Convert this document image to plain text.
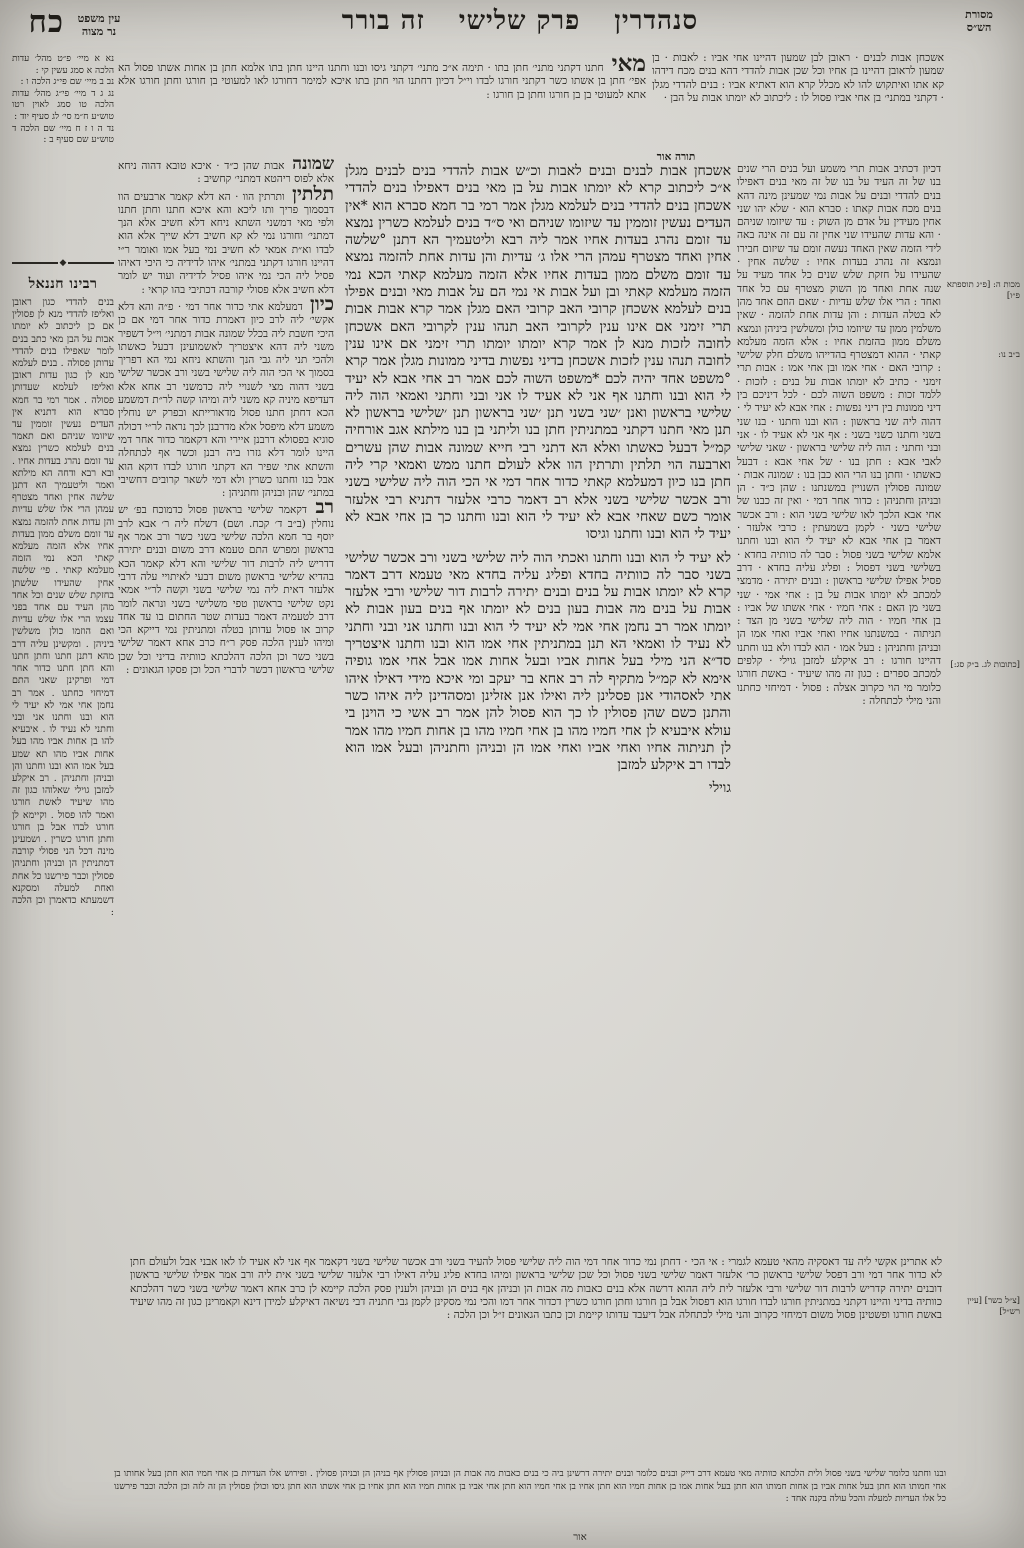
כח	עין משפט
נר מצוה	זה בורר פרק שלישי סנהדרין	מסורת
הש״ס
נא א מיי׳ פ״ט מהל׳ עדות הלכה א סמג עשין קי :
נב ב מיי׳ שם פי״ג הלכה ו :
נג ג ד מיי׳ פי״ג מהל׳ עדות הלכה טו סמג לאוין רטו טוש״ע ח״מ סי׳ לג סעיף יוד :
נד ה ו ז ח מיי׳ שם הלכה ד טוש״ע שם סעיף ב :
◆
רבינו חננאל
בנים להדדי כגון ראובן ואליפז להדדי מנא לן פסולין אם כן ליכתוב לא יומתו אבות על הבן מאי כתב בנים לומר שאפילו בנים להדדי עדותן פסולה . בנים לעלמא מנא לן כגון עדות ראובן ואליפז לעלמא שעדותן פסולה . אמר רמי בר חמא סברא הוא דתניא אין העדים נעשין זוממין עד שיזומו שניהם ואם תאמר בנים לעלמא כשרין נמצא עד זומם נהרג בעדות אחיו . ובא רבא ודחה הא מילתא ואמר וליטעמיך הא דתנן שלשה אחין ואחד מצטרף עמהן הרי אלו שלש עדיות והן עדות אחת להזמה נמצא עד זומם משלם ממון בעדות אחיו אלא הזמה מעלמא קאתי הכא נמי הזמה מעלמא קאתי . פי׳ שלשה אחין שהעידו שלשתן בחזקת שלש שנים וכל אחד מהן העיד עם אחד בפני עצמו הרי אלו שלש עדיות ואם הוזמו כולן משלשין ביניהן . ומקשינן עליה דרב מהא דתנן חתנו וחתן חתנו והא חתן חתנו כדור אחר דמי ופרקינן שאני התם דמיחזי כחתנו . אמר רב נחמן אחי אמי לא יעיד לי הוא ובנו וחתנו אני ובני וחתני לא נעיד לו . איבעיא להו בן אחות אביו מהו בעל אחות אביו מהו תא שמע בעל אמו הוא ובנו וחתנו והן ובניהן וחתניהן . רב איקלע למזבן גוילי שאלוהו כגון זה מהו שיעיד לאשת חורגו ואמר להו פסול . וקיימא לן חורגו לבדו אבל בן חורגו וחתן חורגו כשרין . ושמעינן מינה דכל הני פסולי קורבה דמתניתין הן ובניהן וחתניהן פסולין וכבר פירשנו כל אחת ואחת למעלה ומסקנא דשמעתא כדאמרן וכן הלכה :
מאי חתנו דקתני מתני׳ חתן בתו · תימה א״כ מתני׳ דקתני גיסו ובנו וחתנו היינו חתן בתו אלמא חתן בן אחות אשתו פסול הא אפי׳ חתן בן אשתו כשר דקתני חורגו לבדו וי״ל דכיון דחתנו הוי חתן בתו איכא למימר דחורגו לאו למעוטי בן חורגו וחתן חורגו אלא אתא למעוטי בן בן חורגו וחתן בן חורגו :
שמונה אבות שהן כ״ד · איכא טובא דהוה ניחא אלא לפוס ריהטא דמתני׳ קחשיב :
תלתין ותרתין הוו · הא דלא קאמר ארבעים הוו דבסמוך פריך ותו ליכא והא איכא חתנו וחתן חתנו ולפי מאי דמשני השתא ניחא דלא חשיב אלא הנך דמתני׳ וחורגו נמי לא קא חשיב דלא שייך אלא הוא לבדו וא״ת אמאי לא חשיב נמי בעל אמו ואומר ר״י דהיינו חורגו דקתני במתני׳ איהו לדידיה כי היכי דאיהו פסיל ליה הכי נמי איהו פסיל לדידיה ועוד יש לומר דלא חשיב אלא פסולי קורבה דכתיבי בהו קראי :
כיון דמעלמא אתי כדור אחר דמי · פ״ה והא דלא אקשי׳ ליה לרב כיון דאמרת כדור אחר דמי אם כן היכי חשבת ליה בכלל שמונה אבות דמתני׳ וי״ל דשפיר משני ליה דהא איצטריך לאשמועינן דבעל כאשתו ולהכי תני ליה גבי הנך והשתא ניחא נמי הא דפריך בסמוך אי הכי הוה ליה שלישי בשני ורב אכשר שלישי בשני דהוה מצי לשנויי ליה כדמשני רב אחא אלא דעדיפא מיניה קא משני ליה ומיהו קשה לר״ת דמשמע הכא דחתן חתנו פסול מדאורייתא ובפרק יש נוחלין משמע דלא מיפסל אלא מדרבנן לכך נראה לר״י דכולה סוגיא בפסולא דרבנן איירי והא דקאמר כדור אחר דמי היינו לומר דלא גזרו ביה רבנן וכשר אף לכתחלה והשתא אתי שפיר הא דקתני חורגו לבדו דוקא הוא אבל בנו וחתנו כשרין ולא דמי לשאר קרובים דחשיבי במתני׳ שהן ובניהן וחתניהן :
רב דקאמר שלישי בראשון פסול כדמוכח בפ׳ יש נוחלין (ב״ב ד׳ קכח. ושם) דשלח ליה ר׳ אבא לרב יוסף בר חמא הלכה שלישי בשני כשר ורב אמר אף בראשון ומפרש התם טעמא דרב משום ובנים יתירה דדריש ליה לרבות דור שלישי והא דלא קאמר הכא בהדיא שלישי בראשון משום דבעי לאיתויי עלה דרבי אלעזר דאית ליה נמי שלישי בשני וקשה לר״י אמאי נקט שלישי בראשון טפי משלישי בשני ונראה לומר דרב לטעמיה דאמר בעדות שטר החתום בו עד אחד קרוב או פסול עדותן בטלה ומתניתין נמי דייקא הכי ומיהו לענין הלכה פסק ר״ח כרב אחא דאמר שלישי בשני כשר וכן הלכה דהלכתא כוותיה בדיני וכל שכן שלישי בראשון דכשר לדברי הכל וכן פסקו הגאונים :
אשכחן אבות לבנים · ראובן לבן שמעון דהיינו אחי אביו : לאבות · בן שמעון לראובן דהיינו בן אחיו וכל שכן אבות להדדי דהא בנים מכח דידהו קא אתו ואיתקוש להו לא מכלל קרא הוא דאתיא אביו : בנים להדדי מגלן · דקתני במתני׳ בן אחי אביו פסול לו : ליכתוב לא יומתו אבות על הבן ·
תורה אור
דכיון דכתיב אבות תרי משמע ועל בנים הרי שנים בנו של זה העיד על בנו של זה מאי בנים דאפילו בנים להדדי ובנים על אבות נמי שמעינן מינה דהא בנים מכח אבות קאתו : סברא הוא · שלא יהו שני אחין מעידין על אדם מן השוק : עד שיזומו שניהם · והא עדות שהעידו שני אחין זה עם זה אינה באה לידי הזמה שאין האחד נעשה זומם עד שיזום חבירו ונמצא זה נהרג בעדות אחיו : שלשה אחין · שהעידו על חזקת שלש שנים כל אחד מעיד על שנה אחת ואחד מן השוק מצטרף עם כל אחד ואחד : הרי אלו שלש עדיות · שאם הוזם אחד מהן לא בטלה העדות : והן עדות אחת להזמה · שאין משלמין ממון עד שיוזמו כולן ומשלשין ביניהן ונמצא משלם ממון בהזמת אחיו : אלא הזמה מעלמא קאתי · ההוא דמצטרף בהדייהו משלם חלק שלישי : קרובי האם · אחי אמו ובן אחי אמו : אבות תרי זימני · כתיב לא יומתו אבות על בנים : לזכות · ללמד זכות : משפט השוה לכם · לכל דיניכם בין דיני ממונות בין דיני נפשות : אחי אבא לא יעיד לי · דהוה ליה שני בראשון : הוא ובנו וחתנו · בנו שני בשני וחתנו כשני בשני : אף אני לא אעיד לו · אני ובני וחתני : הוה ליה שלישי בראשון · שאני שלישי לאבי אבא : חתן בנו · של אחי אבא : דבעל כאשתו · וחתן בנו הרי הוא כבן בנו : שמונה אבות · שמונה פסולין השנויין במשנתנו : שהן כ״ד · הן ובניהן וחתניהן : כדור אחר דמי · ואין זה כבנו של אחי אבא הלכך לאו שלישי בשני הוא : ורב אכשר שלישי בשני · לקמן בשמעתין : כרבי אלעזר · דאמר בן אחי אבא לא יעיד לי הוא ובנו וחתנו אלמא שלישי בשני פסול : סבר לה כוותיה בחדא · בשלישי בשני דפסול : ופליג עליה בחדא · דרב פסיל אפילו שלישי בראשון : ובנים יתירה · מדמצי למכתב לא יומתו אבות על בן : אחי אמי · שני בשני מן האם : אחי חמיו · אחי אשתו של אביו : בן אחי חמיו · הוה ליה שלישי בשני מן הצד : תניתוה · במשנתנו אחיו ואחי אביו ואחי אמו הן ובניהן וחתניהן : בעל אמו · הוא לבדו ולא בנו וחתנו דהיינו חורגו : רב איקלע למזבן גוילי · קלפים למכתב ספרים : כגון זה מהו שיעיד · באשת חורגו כלומר מי הוי כקרוב אצלה : פסול · דמיחזי כחתנו והני מילי לכתחלה :

אשכחן אבות לבנים ובנים לאבות וכ״ש אבות להדדי בנים לבנים מגלן א״כ ליכתוב קרא לא יומתו אבות על בן מאי בנים דאפילו בנים להדדי אשכחן בנים להדדי בנים לעלמא מגלן אמר רמי בר חמא סברא הוא *אין העדים נעשין זוממין עד שיזומו שניהם ואי ס״ד בנים לעלמא כשרין נמצא עד זומם נהרג בעדות אחיו אמר ליה רבא וליטעמיך הא דתנן °שלשה אחין ואחד מצטרף עמהן הרי אלו ג׳ עדיות והן עדות אחת להזמה נמצא עד זומם משלם ממון בעדות אחיו אלא הזמה מעלמא קאתי הכא נמי הזמה מעלמא קאתי ובן ועל אבות אי נמי הם על אבות מאי ובנים אפילו בנים לעלמא אשכחן קרובי האב קרובי האם מגלן אמר קרא אבות אבות תרי זימני אם אינו ענין לקרובי האב תנהו ענין לקרובי האם אשכחן לחובה לזכות מנא לן אמר קרא יומתו יומתו תרי זימני אם אינו ענין לחובה תנהו ענין לזכות אשכחן בדיני נפשות בדיני ממונות מגלן אמר קרא °משפט אחד יהיה לכם *משפט השוה לכם אמר רב אחי אבא לא יעיד לי הוא ובנו וחתנו אף אני לא אעיד לו אני ובני וחתני ואמאי הוה ליה שלישי בראשון ואנן ׳שני בשני תנן ׳שני בראשון תנן ׳שלישי בראשון לא תנן מאי חתנו דקתני במתניתין חתן בנו וליתני בן בנו מילתא אגב אורחיה קמ״ל דבעל כאשתו ואלא הא דתני רבי חייא שמונה אבות שהן עשרים וארבעה הוי תלתין ותרתין הוו אלא לעולם חתנו ממש ואמאי קרי ליה חתן בנו כיון דמעלמא קאתי כדור אחר דמי אי הכי הוה ליה שלישי בשני ורב אכשר שלישי בשני אלא רב דאמר כרבי אלעזר דתניא רבי אלעזר אומר כשם שאחי אבא לא יעיד לי הוא ובנו וחתנו כך בן אחי אבא לא יעיד לי הוא ובנו וחתנו וגיסו

לא יעיד לי הוא ובנו וחתנו ואכתי הוה ליה שלישי בשני ורב אכשר שלישי בשני סבר לה כוותיה בחדא ופליג עליה בחדא מאי טעמא דרב דאמר קרא לא יומתו אבות על בנים ובנים יתירה לרבות דור שלישי ורבי אלעזר אבות על בנים מה אבות בעון בנים לא יומתו אף בנים בעון אבות לא יומתו אמר רב נחמן אחי אמי לא יעיד לי הוא ובנו וחתנו אני ובני וחתני לא נעיד לו ואמאי הא תנן במתניתין אחי אמו הוא ובנו וחתנו איצטריך סד״א הני מילי בעל אחות אביו ובעל אחות אמו אבל אחי אמו גופיה אימא לא קמ״ל מתקיף לה רב אחא בר יעקב ומי איכא מידי דאילו איהו אתי לאסהודי אנן פסלינן ליה ואילו אנן אזלינן ומסהדינן ליה איהו כשר והתנן כשם שהן פסולין לו כך הוא פסול להן אמר רב אשי כי הוינן בי עולא איבעיא לן אחי חמיו מהו בן אחי חמיו מהו בן אחות חמיו מהו אמר לן תניתוה אחיו ואחי אביו ואחי אמו הן ובניהן וחתניהן ובעל אמו הוא לבדו רב איקלע למזבן

גוילי
מכות ה: [פ״ג תוספתא פ״ו]
ב״ב נו:
[כתובות לג. ב״ק סג:]
[צ״ל כשר] [עיין רש״ל]
לא אתרינן אקשי ליה עד דאסקיה מהאי טעמא לגמרי : אי הכי · דחתן נמי כדור אחר דמי הוה ליה שלישי פסול להעיד בשני ורב אכשר שלישי בשני דקאמר אף אני לא אעיד לו לאו אבני אבל ולעולם חתן לא כדור אחר דמי ורב דפסל שלישי בראשון כר׳ אלעזר דאמר שלישי בשני פסול וכל שכן שלישי בראשון ומיהו בחדא פליג עליה דאילו רבי אלעזר שלישי בשני אית ליה ורב אמר אפילו שלישי בראשון דובנים יתירה קדריש לרבות דור שלישי ורבי אלעזר לית ליה ההוא דרשה אלא בנים כאבות מה אבות הן ובניהן אף בנים הן ובניהן ולענין פסק הלכה קיימא לן כרב אחא דאמר שלישי בשני כשר דהלכתא כוותיה בדיני והיינו דקתני במתניתין חורגו לבדו חורגו הוא דפסול אבל בן חורגו וחתן חורגו כשרין דכדור אחר דמו והכי נמי מסקינן לקמן גבי חתניה דבי נשיאה דאיקלע למידן דינא וקאמרינן כגון זה מהו שיעיד באשת חורגו ופשטינן פסול משום דמיחזי כקרוב והני מילי לכתחלה אבל דיעבד עדותו קיימת וכן כתבו הגאונים ז״ל וכן הלכה :
ובנו וחתנו כלומר שלישי בשני פסול ולית הלכתא כוותיה מאי טעמא דרב דייק ובנים כלומר ובנים יתירה דרשינן ביה כי בנים כאבות מה אבות הן ובניהן פסולין אף בניהן הן ובניהן פסולין . ופירוש אלו העדיות בן אחי חמיו הוא חתן בעל אחותו בן אחי חמותו הוא חתן בעל אחות אביו בן אחות חמותו הוא חתן בעל אחות אמו בן אחות חמיו הוא חתן אחיו בן אחי חמיו הוא חתן אחי אביו בן אחות חמיו הוא חתן אחיו בן אחי אשתו הוא חתן גיסו וכולן פסולין הן זה לזה וכן הלכה וכבר פירשנו כל אלו העדיות למעלה והכל עולה בקנה אחד :
אור
